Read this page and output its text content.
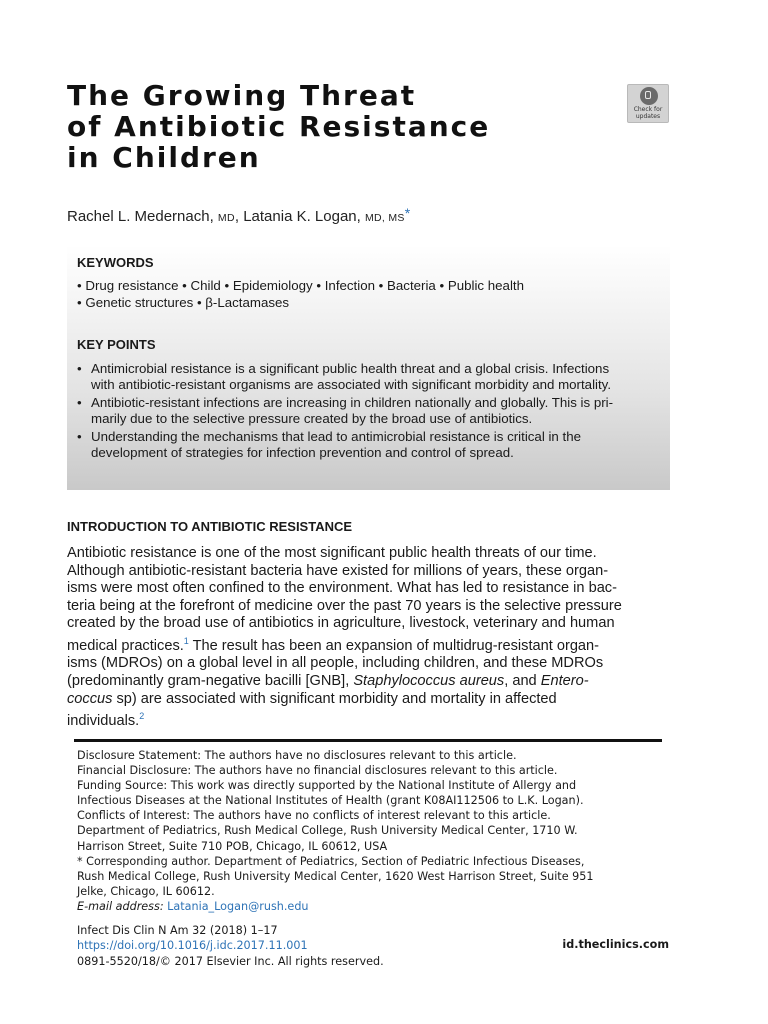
The Growing Threat
of Antibiotic Resistance
in Children
Check for
updates
Rachel L. Medernach, MD, Latania K. Logan, MD, MS*
KEYWORDS
• Drug resistance • Child • Epidemiology • Infection • Bacteria • Public health
• Genetic structures • β-Lactamases
KEY POINTS
• Antimicrobial resistance is a significant public health threat and a global crisis. Infections
with antibiotic-resistant organisms are associated with significant morbidity and mortality.
• Antibiotic-resistant infections are increasing in children nationally and globally. This is pri-
marily due to the selective pressure created by the broad use of antibiotics.
• Understanding the mechanisms that lead to antimicrobial resistance is critical in the
development of strategies for infection prevention and control of spread.
INTRODUCTION TO ANTIBIOTIC RESISTANCE
Antibiotic resistance is one of the most significant public health threats of our time.
Although antibiotic-resistant bacteria have existed for millions of years, these organ-
isms were most often confined to the environment. What has led to resistance in bac-
teria being at the forefront of medicine over the past 70 years is the selective pressure
created by the broad use of antibiotics in agriculture, livestock, veterinary and human
medical practices.$^1$ The result has been an expansion of multidrug-resistant organ-
isms (MDROs) on a global level in all people, including children, and these MDROs
(predominantly gram-negative bacilli [GNB], Staphylococcus aureus, and Entero-
coccus sp) are associated with significant morbidity and mortality in affected
individuals.$^2$
Disclosure Statement: The authors have no disclosures relevant to this article.
Financial Disclosure: The authors have no financial disclosures relevant to this article.
Funding Source: This work was directly supported by the National Institute of Allergy and
Infectious Diseases at the National Institutes of Health (grant K08AI112506 to L.K. Logan).
Conflicts of Interest: The authors have no conflicts of interest relevant to this article.
Department of Pediatrics, Rush Medical College, Rush University Medical Center, 1710 W.
Harrison Street, Suite 710 POB, Chicago, IL 60612, USA
* Corresponding author. Department of Pediatrics, Section of Pediatric Infectious Diseases,
Rush Medical College, Rush University Medical Center, 1620 West Harrison Street, Suite 951
Jelke, Chicago, IL 60612.
E-mail address: Latania_Logan@rush.edu
Infect Dis Clin N Am 32 (2018) 1–17
https://doi.org/10.1016/j.idc.2017.11.001
0891-5520/18/© 2017 Elsevier Inc. All rights reserved.
id.theclinics.com
